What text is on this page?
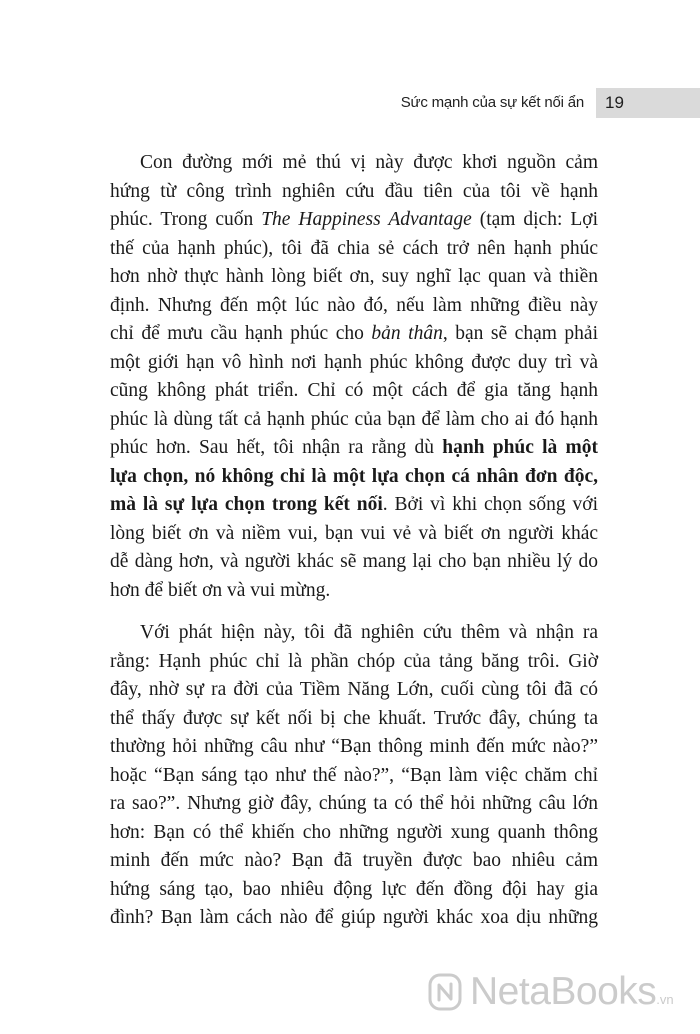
Sức mạnh của sự kết nối ẩn 19
Con đường mới mẻ thú vị này được khơi nguồn cảm
hứng từ công trình nghiên cứu đầu tiên của tôi về hạnh
phúc. Trong cuốn The Happiness Advantage (tạm dịch: Lợi
thế của hạnh phúc), tôi đã chia sẻ cách trở nên hạnh phúc
hơn nhờ thực hành lòng biết ơn, suy nghĩ lạc quan và thiền
định. Nhưng đến một lúc nào đó, nếu làm những điều này
chỉ để mưu cầu hạnh phúc cho bản thân, bạn sẽ chạm phải
một giới hạn vô hình nơi hạnh phúc không được duy trì và
cũng không phát triển. Chỉ có một cách để gia tăng hạnh
phúc là dùng tất cả hạnh phúc của bạn để làm cho ai đó hạnh
phúc hơn. Sau hết, tôi nhận ra rằng dù hạnh phúc là một
lựa chọn, nó không chỉ là một lựa chọn cá nhân đơn độc,
mà là sự lựa chọn trong kết nối. Bởi vì khi chọn sống với
lòng biết ơn và niềm vui, bạn vui vẻ và biết ơn người khác
dễ dàng hơn, và người khác sẽ mang lại cho bạn nhiều lý do
hơn để biết ơn và vui mừng.
Với phát hiện này, tôi đã nghiên cứu thêm và nhận ra
rằng: Hạnh phúc chỉ là phần chóp của tảng băng trôi. Giờ
đây, nhờ sự ra đời của Tiềm Năng Lớn, cuối cùng tôi đã có
thể thấy được sự kết nối bị che khuất. Trước đây, chúng ta
thường hỏi những câu như “Bạn thông minh đến mức nào?”
hoặc “Bạn sáng tạo như thế nào?”, “Bạn làm việc chăm chỉ
ra sao?”. Nhưng giờ đây, chúng ta có thể hỏi những câu lớn
hơn: Bạn có thể khiến cho những người xung quanh thông
minh đến mức nào? Bạn đã truyền được bao nhiêu cảm
hứng sáng tạo, bao nhiêu động lực đến đồng đội hay gia
đình? Bạn làm cách nào để giúp người khác xoa dịu những
NetaBooks.vn
